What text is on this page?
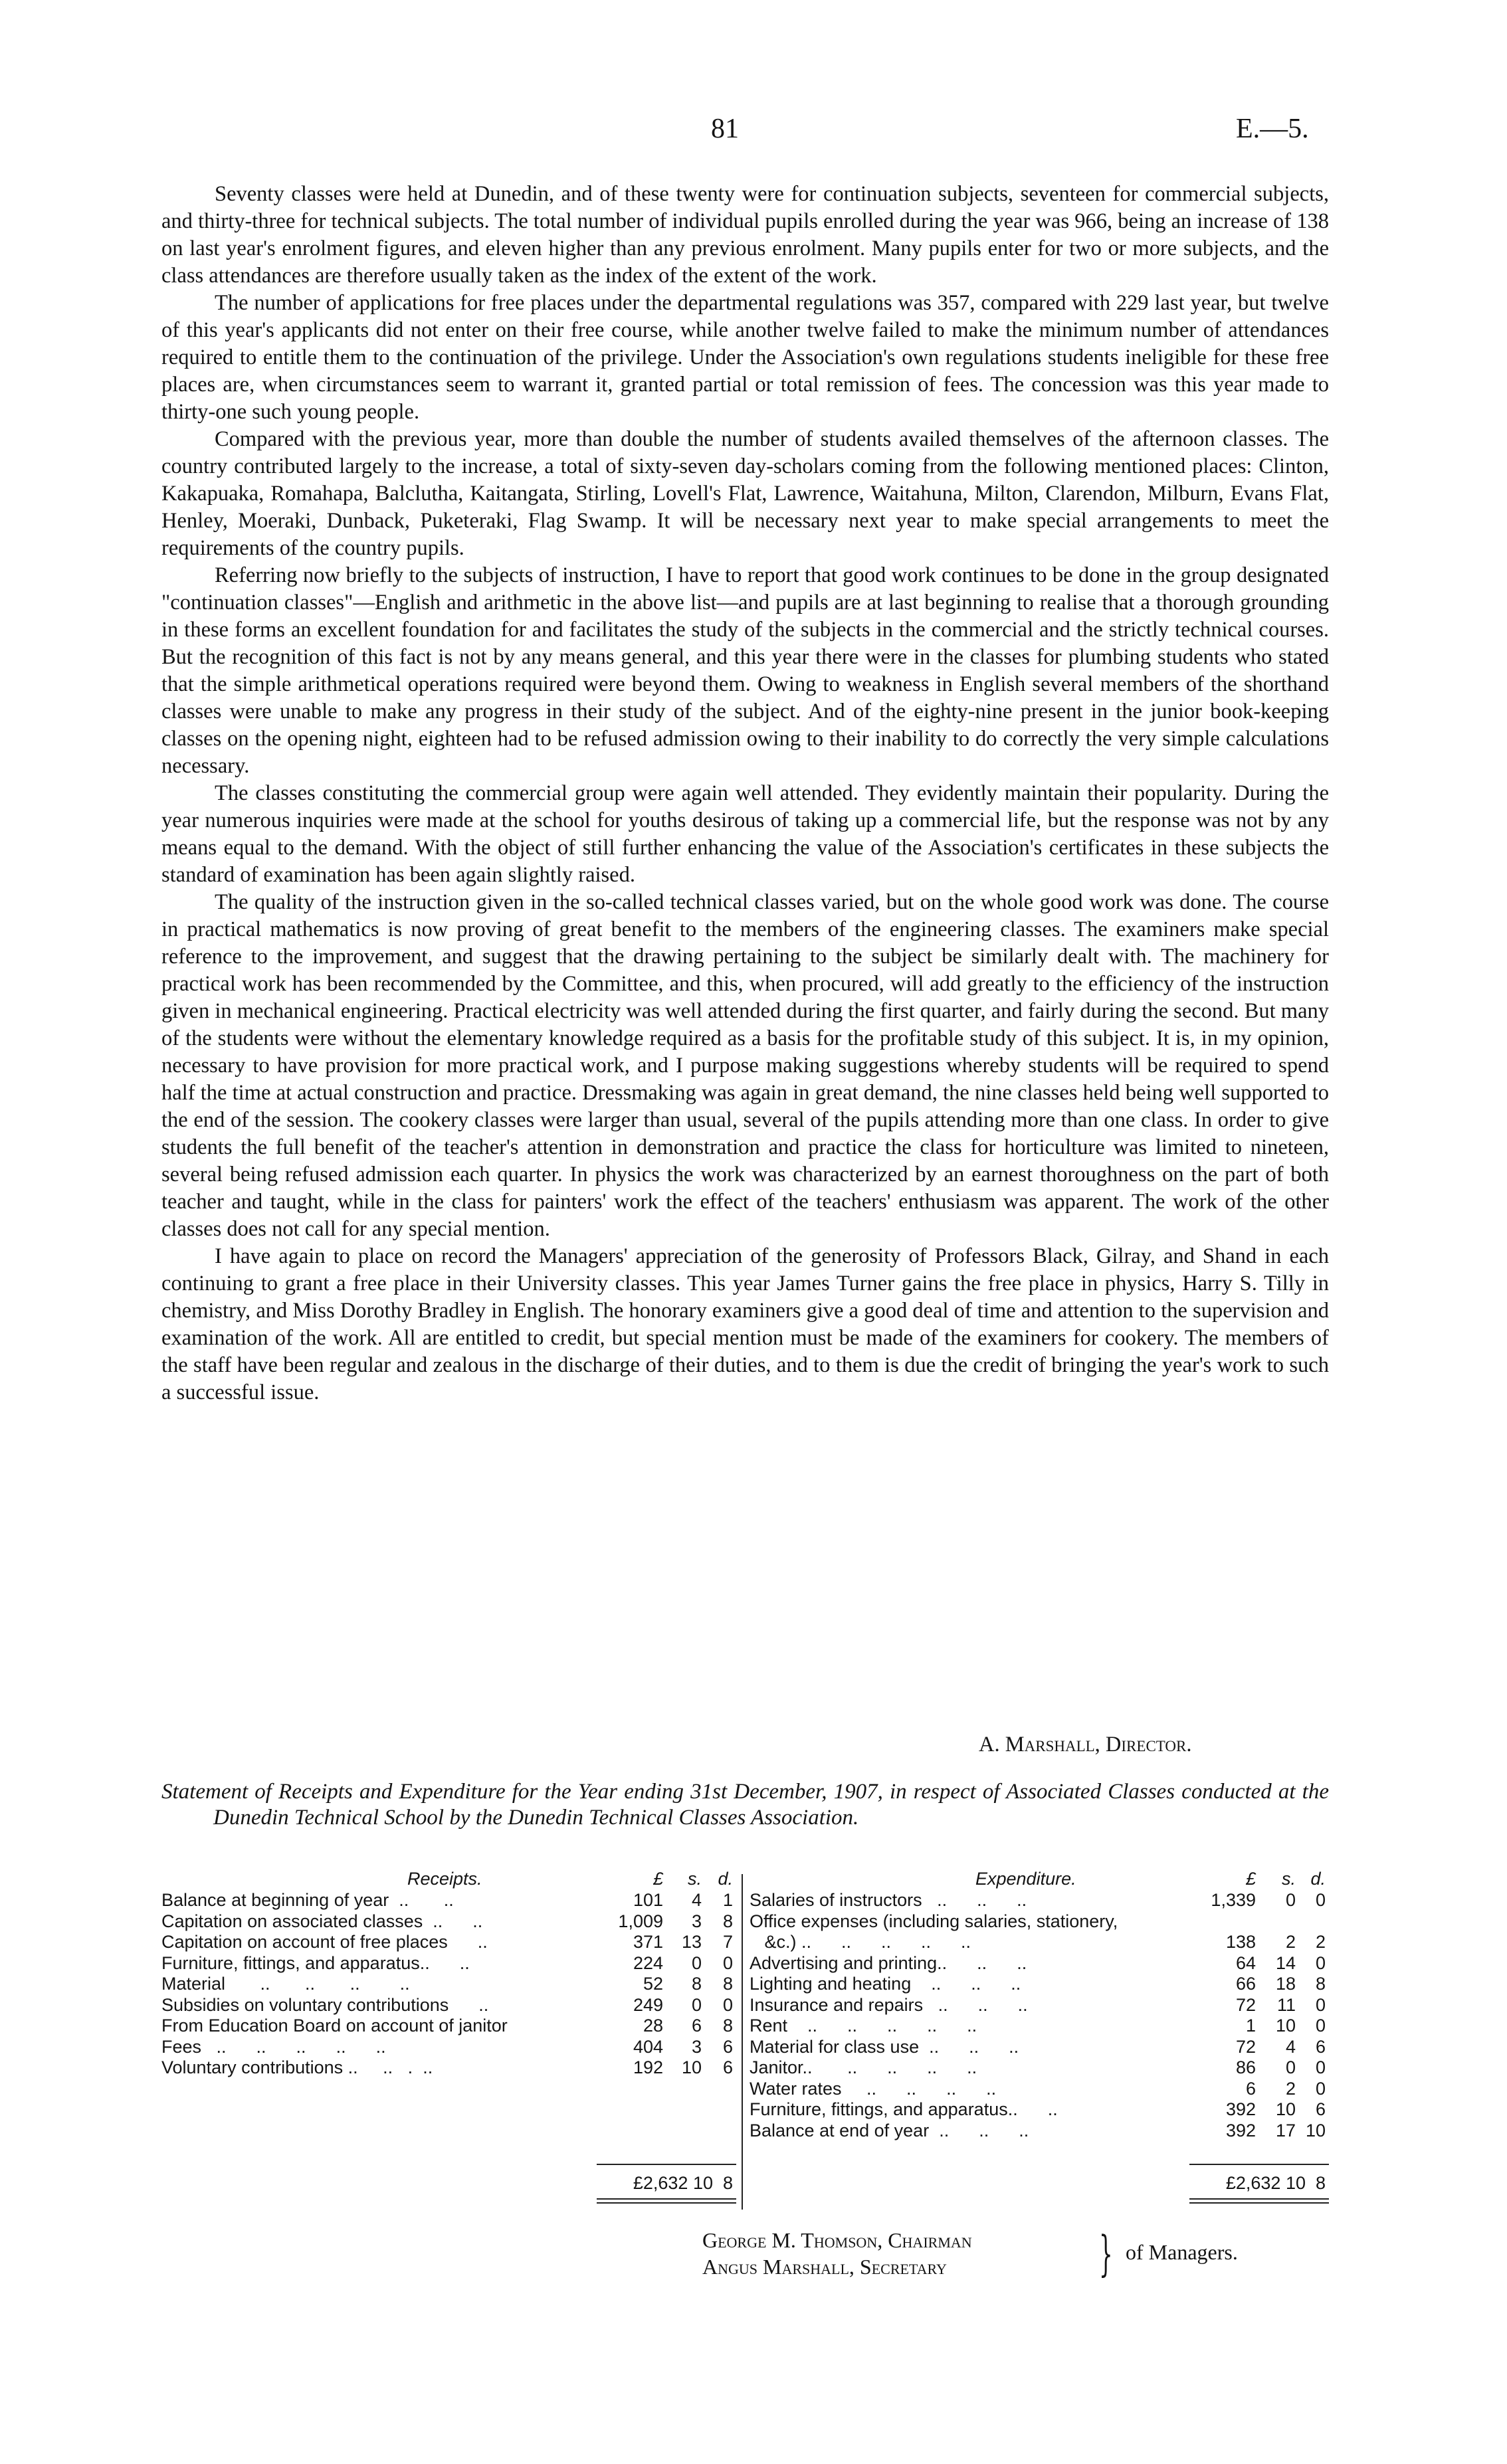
81	E.—5.

Seventy classes were held at Dunedin, and of these twenty were for continuation subjects, seventeen for commercial subjects, and thirty-three for technical subjects. The total number of individual pupils enrolled during the year was 966, being an increase of 138 on last year's enrolment figures, and eleven higher than any previous enrolment. Many pupils enter for two or more subjects, and the class attendances are therefore usually taken as the index of the extent of the work.

The number of applications for free places under the departmental regulations was 357, compared with 229 last year, but twelve of this year's applicants did not enter on their free course, while another twelve failed to make the minimum number of attendances required to entitle them to the continuation of the privilege. Under the Association's own regulations students ineligible for these free places are, when circumstances seem to warrant it, granted partial or total remission of fees. The concession was this year made to thirty-one such young people.

Compared with the previous year, more than double the number of students availed themselves of the afternoon classes. The country contributed largely to the increase, a total of sixty-seven day-scholars coming from the following mentioned places: Clinton, Kakapuaka, Romahapa, Balclutha, Kaitangata, Stirling, Lovell's Flat, Lawrence, Waitahuna, Milton, Clarendon, Milburn, Evans Flat, Henley, Moeraki, Dunback, Puketeraki, Flag Swamp. It will be necessary next year to make special arrangements to meet the requirements of the country pupils.

Referring now briefly to the subjects of instruction, I have to report that good work continues to be done in the group designated "continuation classes"—English and arithmetic in the above list—and pupils are at last beginning to realise that a thorough grounding in these forms an excellent foundation for and facilitates the study of the subjects in the commercial and the strictly technical courses. But the recognition of this fact is not by any means general, and this year there were in the classes for plumbing students who stated that the simple arithmetical operations required were beyond them. Owing to weakness in English several members of the shorthand classes were unable to make any progress in their study of the subject. And of the eighty-nine present in the junior book-keeping classes on the opening night, eighteen had to be refused admission owing to their inability to do correctly the very simple calculations necessary.

The classes constituting the commercial group were again well attended. They evidently maintain their popularity. During the year numerous inquiries were made at the school for youths desirous of taking up a commercial life, but the response was not by any means equal to the demand. With the object of still further enhancing the value of the Association's certificates in these subjects the standard of examination has been again slightly raised.

The quality of the instruction given in the so-called technical classes varied, but on the whole good work was done. The course in practical mathematics is now proving of great benefit to the members of the engineering classes. The examiners make special reference to the improvement, and suggest that the drawing pertaining to the subject be similarly dealt with. The machinery for practical work has been recommended by the Committee, and this, when procured, will add greatly to the efficiency of the instruction given in mechanical engineering. Practical electricity was well attended during the first quarter, and fairly during the second. But many of the students were without the elementary knowledge required as a basis for the profitable study of this subject. It is, in my opinion, necessary to have provision for more practical work, and I purpose making suggestions whereby students will be required to spend half the time at actual construction and practice. Dressmaking was again in great demand, the nine classes held being well supported to the end of the session. The cookery classes were larger than usual, several of the pupils attending more than one class. In order to give students the full benefit of the teacher's attention in demonstration and practice the class for horticulture was limited to nineteen, several being refused admission each quarter. In physics the work was characterized by an earnest thoroughness on the part of both teacher and taught, while in the class for painters' work the effect of the teachers' enthusiasm was apparent. The work of the other classes does not call for any special mention.

I have again to place on record the Managers' appreciation of the generosity of Professors Black, Gilray, and Shand in each continuing to grant a free place in their University classes. This year James Turner gains the free place in physics, Harry S. Tilly in chemistry, and Miss Dorothy Bradley in English. The honorary examiners give a good deal of time and attention to the supervision and examination of the work. All are entitled to credit, but special mention must be made of the examiners for cookery. The members of the staff have been regular and zealous in the discharge of their duties, and to them is due the credit of bringing the year's work to such a successful issue.

A. Marshall, Director.
Statement of Receipts and Expenditure for the Year ending 31st December, 1907, in respect of Associated Classes conducted at the Dunedin Technical School by the Dunedin Technical Classes Association.
Receipts.	£	s. d.
Balance at beginning of year  ..       ..	101	4	1
Capitation on associated classes  ..      ..	1,009	3	8
Capitation on account of free places      ..	371	13	7
Furniture, fittings, and apparatus..      ..	224	0	0
Material       ..       ..       ..        ..	52	8	8
Subsidies on voluntary contributions      ..	249	0	0
From Education Board on account of janitor	28	6	8
Fees   ..      ..      ..      ..      ..	404	3	6
Voluntary contributions ..     ..   .  ..	192	10	6
£2,632 10  8
Expenditure.	£	s. d.
Salaries of instructors   ..      ..      ..	1,339	0	0
Office expenses (including salaries, stationery,
&c.) ..      ..      ..      ..      ..	138	2	2
Advertising and printing..      ..      ..	64	14	0
Lighting and heating    ..      ..      ..	66	18	8
Insurance and repairs   ..      ..      ..	72	11	0
Rent    ..      ..      ..      ..      ..	1	10	0
Material for class use  ..      ..      ..	72	4	6
Janitor..       ..      ..      ..      ..	86	0	0
Water rates     ..      ..      ..      ..	6	2	0
Furniture, fittings, and apparatus..      ..	392	10	6
Balance at end of year  ..      ..      ..	392	17 10
£2,632 10  8
George M. Thomson, Chairman
Angus Marshall, Secretary	} of Managers.
